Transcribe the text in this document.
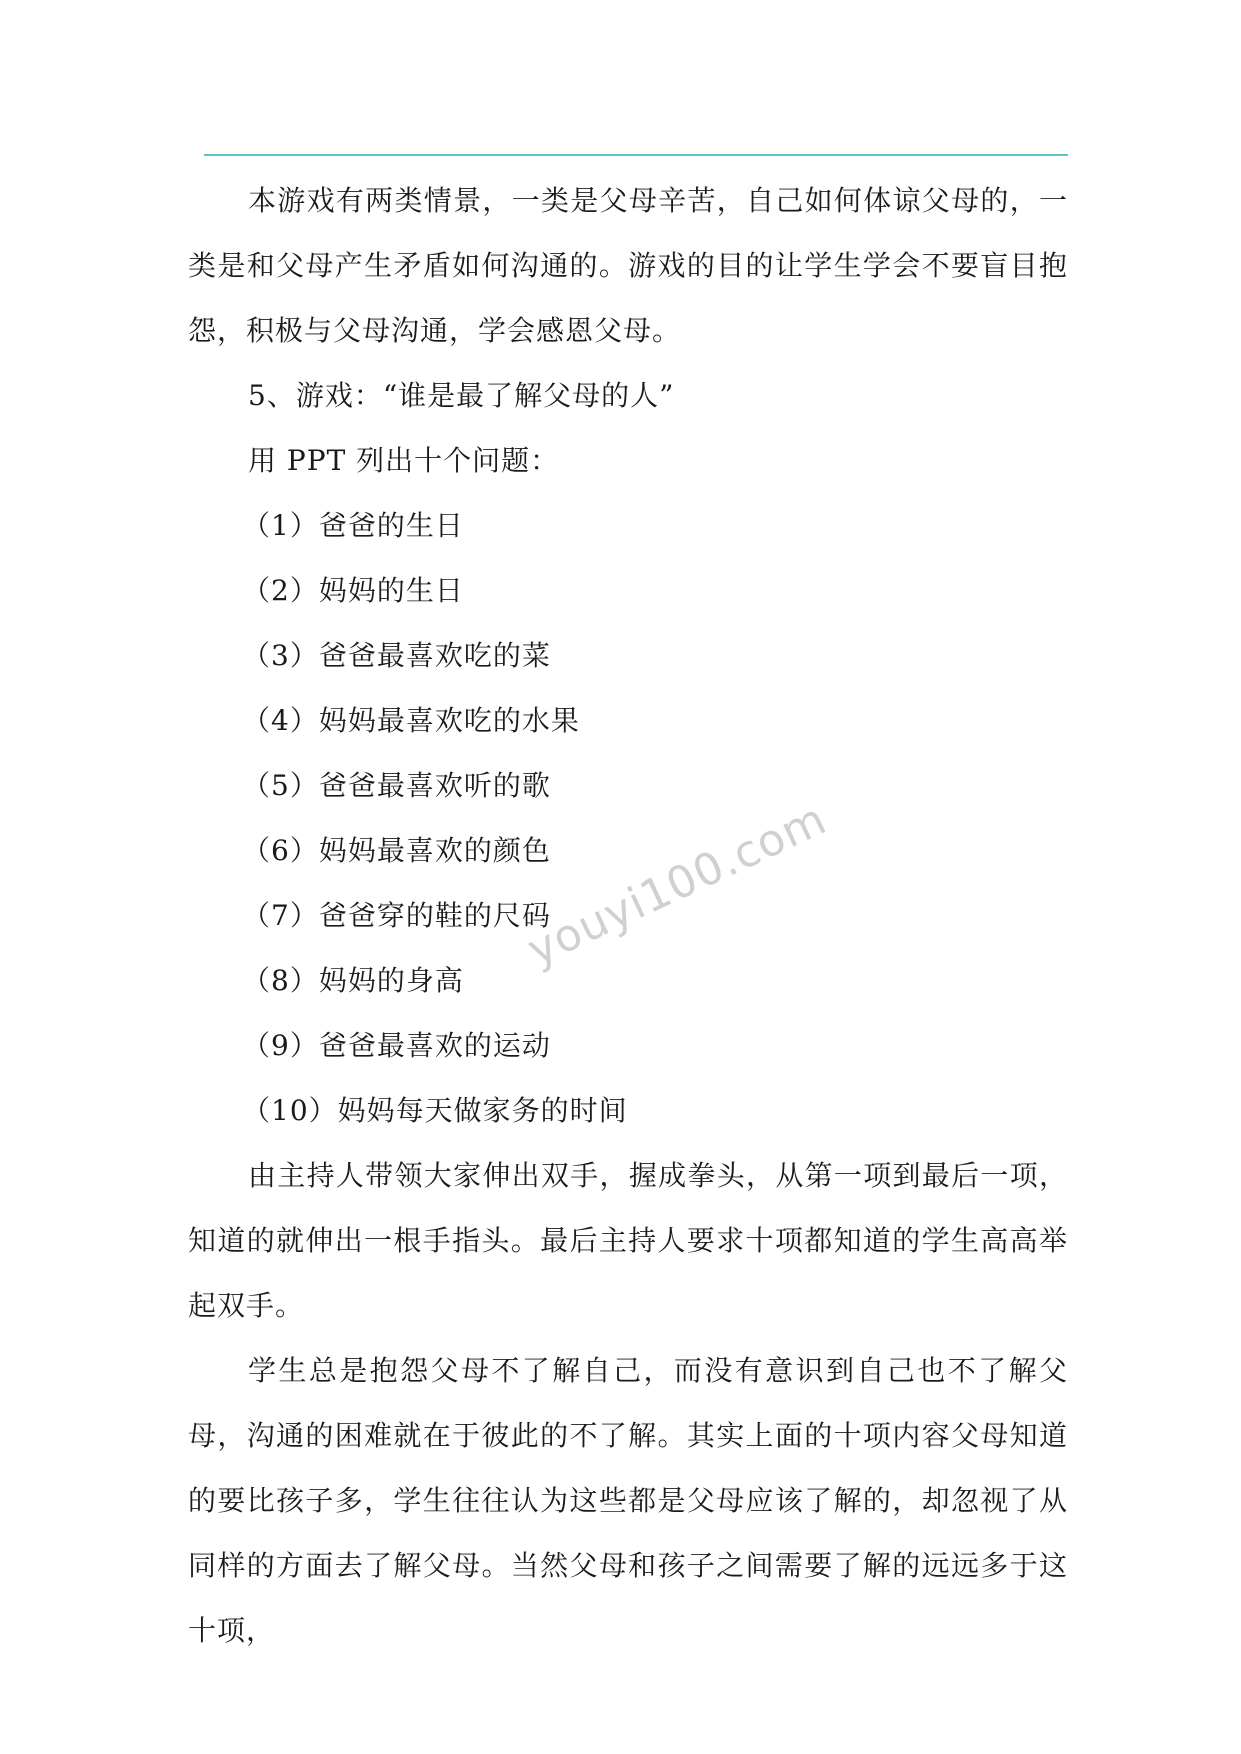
本游戏有两类情景，一类是父母辛苦，自己如何体谅父母的，一类是和父母产生矛盾如何沟通的。游戏的目的让学生学会不要盲目抱怨，积极与父母沟通，学会感恩父母。

5、游戏：“谁是最了解父母的人”

用 PPT 列出十个问题：

（1）爸爸的生日

（2）妈妈的生日

（3）爸爸最喜欢吃的菜

（4）妈妈最喜欢吃的水果

（5）爸爸最喜欢听的歌

（6）妈妈最喜欢的颜色

（7）爸爸穿的鞋的尺码

（8）妈妈的身高

（9）爸爸最喜欢的运动

（10）妈妈每天做家务的时间

由主持人带领大家伸出双手，握成拳头，从第一项到最后一项，知道的就伸出一根手指头。最后主持人要求十项都知道的学生高高举起双手。

学生总是抱怨父母不了解自己，而没有意识到自己也不了解父母，沟通的困难就在于彼此的不了解。其实上面的十项内容父母知道的要比孩子多，学生往往认为这些都是父母应该了解的，却忽视了从同样的方面去了解父母。当然父母和孩子之间需要了解的远远多于这十项，

youyi100.com
